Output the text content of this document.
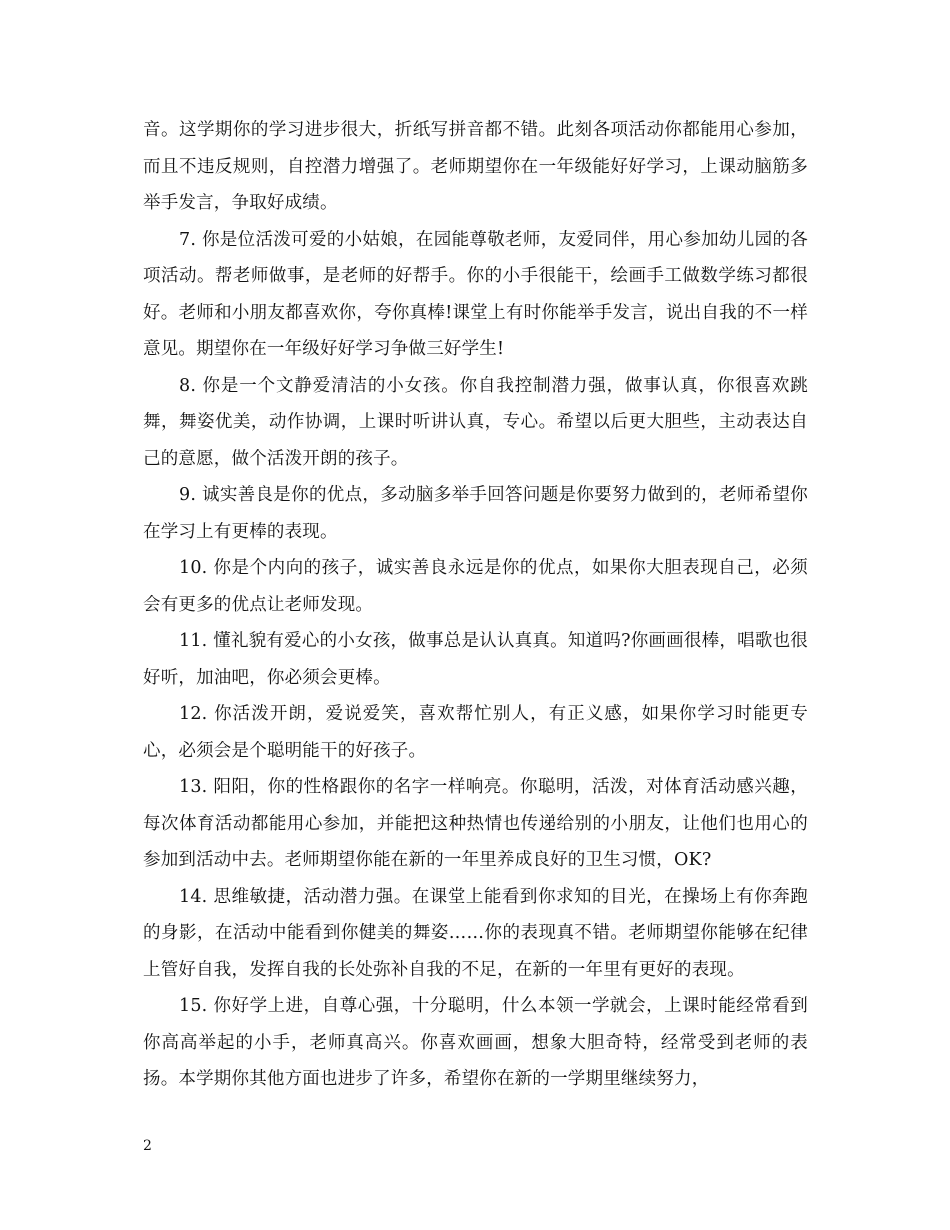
音。这学期你的学习进步很大，折纸写拼音都不错。此刻各项活动你都能用心参加，而且不违反规则，自控潜力增强了。老师期望你在一年级能好好学习，上课动脑筋多举手发言，争取好成绩。

7. 你是位活泼可爱的小姑娘，在园能尊敬老师，友爱同伴，用心参加幼儿园的各项活动。帮老师做事，是老师的好帮手。你的小手很能干，绘画手工做数学练习都很好。老师和小朋友都喜欢你，夸你真棒!课堂上有时你能举手发言，说出自我的不一样意见。期望你在一年级好好学习争做三好学生!

8. 你是一个文静爱清洁的小女孩。你自我控制潜力强，做事认真，你很喜欢跳舞，舞姿优美，动作协调，上课时听讲认真，专心。希望以后更大胆些，主动表达自己的意愿，做个活泼开朗的孩子。

9. 诚实善良是你的优点，多动脑多举手回答问题是你要努力做到的，老师希望你在学习上有更棒的表现。

10. 你是个内向的孩子，诚实善良永远是你的优点，如果你大胆表现自己，必须会有更多的优点让老师发现。

11. 懂礼貌有爱心的小女孩，做事总是认认真真。知道吗?你画画很棒，唱歌也很好听，加油吧，你必须会更棒。

12. 你活泼开朗，爱说爱笑，喜欢帮忙别人，有正义感，如果你学习时能更专心，必须会是个聪明能干的好孩子。

13. 阳阳，你的性格跟你的名字一样响亮。你聪明，活泼，对体育活动感兴趣，每次体育活动都能用心参加，并能把这种热情也传递给别的小朋友，让他们也用心的参加到活动中去。老师期望你能在新的一年里养成良好的卫生习惯，OK?

14. 思维敏捷，活动潜力强。在课堂上能看到你求知的目光，在操场上有你奔跑的身影，在活动中能看到你健美的舞姿……你的表现真不错。老师期望你能够在纪律上管好自我，发挥自我的长处弥补自我的不足，在新的一年里有更好的表现。

15. 你好学上进，自尊心强，十分聪明，什么本领一学就会，上课时能经常看到你高高举起的小手，老师真高兴。你喜欢画画，想象大胆奇特，经常受到老师的表扬。本学期你其他方面也进步了许多，希望你在新的一学期里继续努力，

2
